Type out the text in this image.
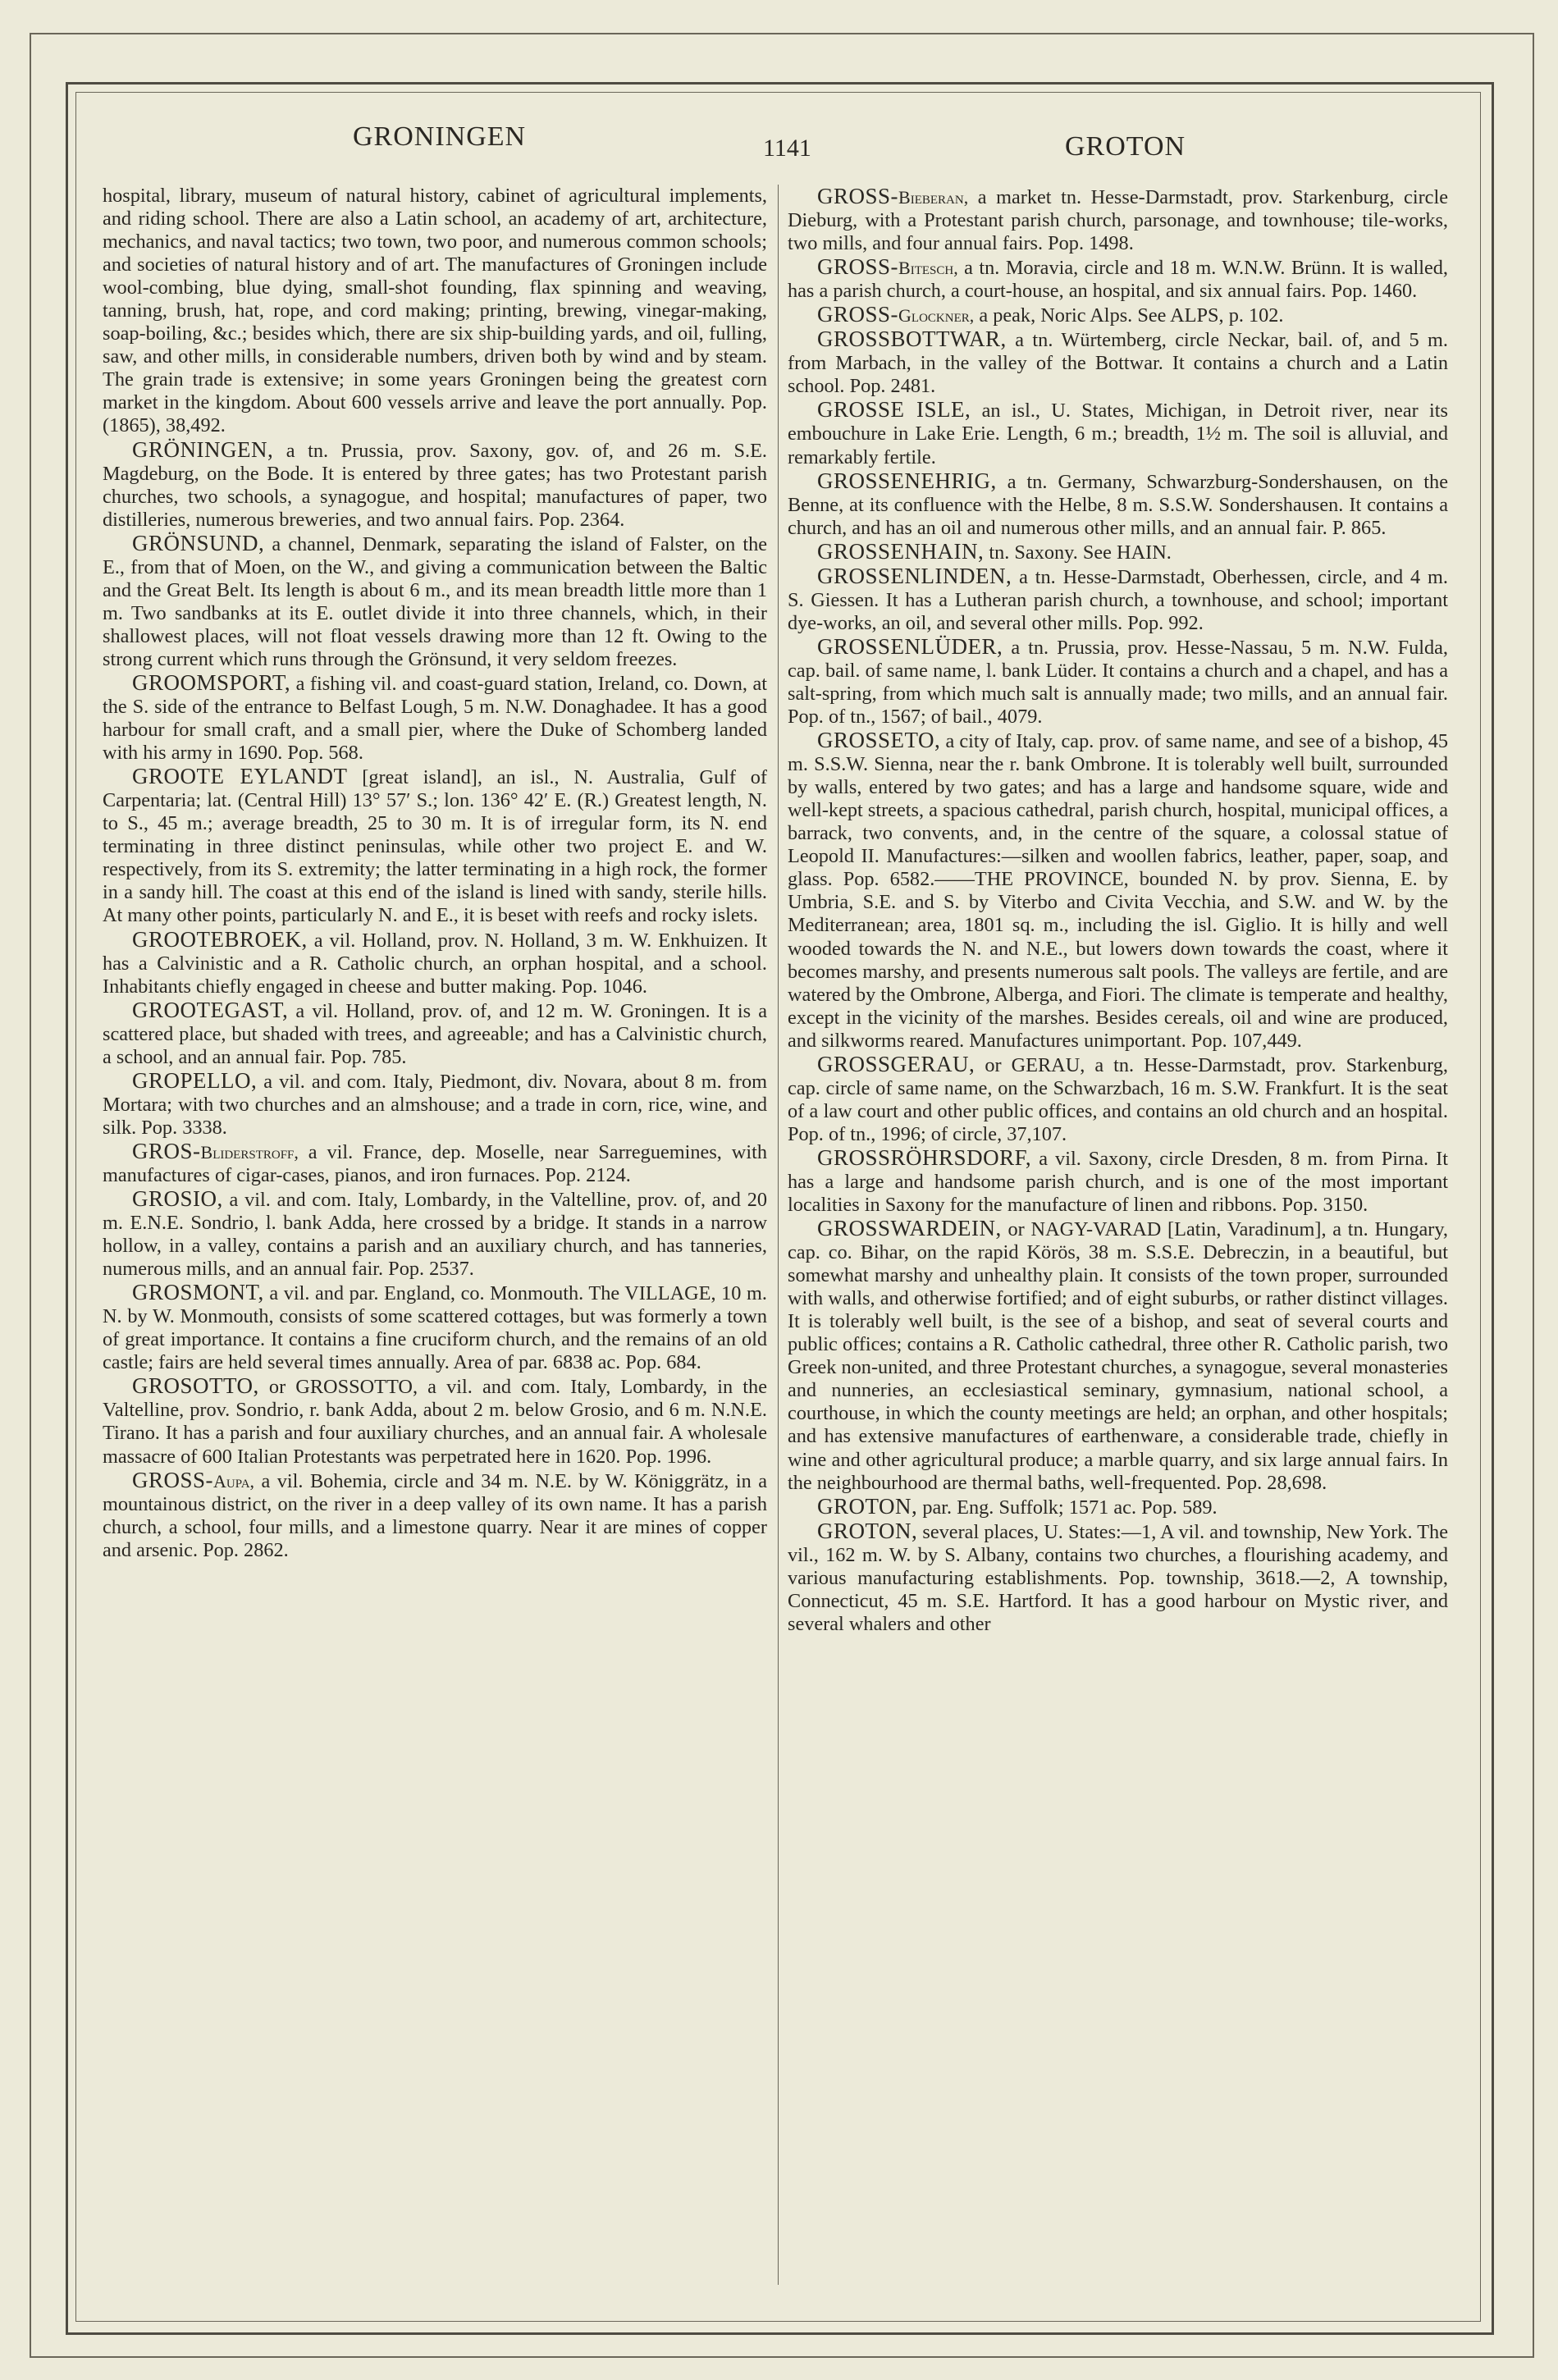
GRONINGEN	1141	GROTON

hospital, library, museum of natural history, cabinet of agricultural implements, and riding school. There are also a Latin school, an academy of art, architecture, mechanics, and naval tactics; two town, two poor, and numerous common schools; and societies of natural history and of art. The manufactures of Groningen include wool-combing, blue dying, small-shot founding, flax spinning and weaving, tanning, brush, hat, rope, and cord making; printing, brewing, vinegar-making, soap-boiling, &c.; besides which, there are six ship-building yards, and oil, fulling, saw, and other mills, in considerable numbers, driven both by wind and by steam. The grain trade is extensive; in some years Groningen being the greatest corn market in the kingdom. About 600 vessels arrive and leave the port annually. Pop. (1865), 38,492.

GRÖNINGEN, a tn. Prussia, prov. Saxony, gov. of, and 26 m. S.E. Magdeburg, on the Bode. It is entered by three gates; has two Protestant parish churches, two schools, a synagogue, and hospital; manufactures of paper, two distilleries, numerous breweries, and two annual fairs. Pop. 2364.

GRÖNSUND, a channel, Denmark, separating the island of Falster, on the E., from that of Moen, on the W., and giving a communication between the Baltic and the Great Belt. Its length is about 6 m., and its mean breadth little more than 1 m. Two sandbanks at its E. outlet divide it into three channels, which, in their shallowest places, will not float vessels drawing more than 12 ft. Owing to the strong current which runs through the Grönsund, it very seldom freezes.

GROOMSPORT, a fishing vil. and coast-guard station, Ireland, co. Down, at the S. side of the entrance to Belfast Lough, 5 m. N.W. Donaghadee. It has a good harbour for small craft, and a small pier, where the Duke of Schomberg landed with his army in 1690. Pop. 568.

GROOTE EYLANDT [great island], an isl., N. Australia, Gulf of Carpentaria; lat. (Central Hill) 13° 57′ S.; lon. 136° 42′ E. (R.) Greatest length, N. to S., 45 m.; average breadth, 25 to 30 m. It is of irregular form, its N. end terminating in three distinct peninsulas, while other two project E. and W. respectively, from its S. extremity; the latter terminating in a high rock, the former in a sandy hill. The coast at this end of the island is lined with sandy, sterile hills. At many other points, particularly N. and E., it is beset with reefs and rocky islets.

GROOTEBROEK, a vil. Holland, prov. N. Holland, 3 m. W. Enkhuizen. It has a Calvinistic and a R. Catholic church, an orphan hospital, and a school. Inhabitants chiefly engaged in cheese and butter making. Pop. 1046.

GROOTEGAST, a vil. Holland, prov. of, and 12 m. W. Groningen. It is a scattered place, but shaded with trees, and agreeable; and has a Calvinistic church, a school, and an annual fair. Pop. 785.

GROPELLO, a vil. and com. Italy, Piedmont, div. Novara, about 8 m. from Mortara; with two churches and an almshouse; and a trade in corn, rice, wine, and silk. Pop. 3338.

GROS-Bliderstroff, a vil. France, dep. Moselle, near Sarreguemines, with manufactures of cigar-cases, pianos, and iron furnaces. Pop. 2124.

GROSIO, a vil. and com. Italy, Lombardy, in the Valtelline, prov. of, and 20 m. E.N.E. Sondrio, l. bank Adda, here crossed by a bridge. It stands in a narrow hollow, in a valley, contains a parish and an auxiliary church, and has tanneries, numerous mills, and an annual fair. Pop. 2537.

GROSMONT, a vil. and par. England, co. Monmouth. The VILLAGE, 10 m. N. by W. Monmouth, consists of some scattered cottages, but was formerly a town of great importance. It contains a fine cruciform church, and the remains of an old castle; fairs are held several times annually. Area of par. 6838 ac. Pop. 684.

GROSOTTO, or GROSSOTTO, a vil. and com. Italy, Lombardy, in the Valtelline, prov. Sondrio, r. bank Adda, about 2 m. below Grosio, and 6 m. N.N.E. Tirano. It has a parish and four auxiliary churches, and an annual fair. A wholesale massacre of 600 Italian Protestants was perpetrated here in 1620. Pop. 1996.

GROSS-Aupa, a vil. Bohemia, circle and 34 m. N.E. by W. Königgrätz, in a mountainous district, on the river in a deep valley of its own name. It has a parish church, a school, four mills, and a limestone quarry. Near it are mines of copper and arsenic. Pop. 2862.

GROSS-Bieberan, a market tn. Hesse-Darmstadt, prov. Starkenburg, circle Dieburg, with a Protestant parish church, parsonage, and townhouse; tile-works, two mills, and four annual fairs. Pop. 1498.

GROSS-Bitesch, a tn. Moravia, circle and 18 m. W.N.W. Brünn. It is walled, has a parish church, a court-house, an hospital, and six annual fairs. Pop. 1460.

GROSS-Glockner, a peak, Noric Alps. See ALPS, p. 102.

GROSSBOTTWAR, a tn. Würtemberg, circle Neckar, bail. of, and 5 m. from Marbach, in the valley of the Bottwar. It contains a church and a Latin school. Pop. 2481.

GROSSE ISLE, an isl., U. States, Michigan, in Detroit river, near its embouchure in Lake Erie. Length, 6 m.; breadth, 1½ m. The soil is alluvial, and remarkably fertile.

GROSSENEHRIG, a tn. Germany, Schwarzburg-Sondershausen, on the Benne, at its confluence with the Helbe, 8 m. S.S.W. Sondershausen. It contains a church, and has an oil and numerous other mills, and an annual fair. P. 865.

GROSSENHAIN, tn. Saxony. See HAIN.

GROSSENLINDEN, a tn. Hesse-Darmstadt, Oberhessen, circle, and 4 m. S. Giessen. It has a Lutheran parish church, a townhouse, and school; important dye-works, an oil, and several other mills. Pop. 992.

GROSSENLÜDER, a tn. Prussia, prov. Hesse-Nassau, 5 m. N.W. Fulda, cap. bail. of same name, l. bank Lüder. It contains a church and a chapel, and has a salt-spring, from which much salt is annually made; two mills, and an annual fair. Pop. of tn., 1567; of bail., 4079.

GROSSETO, a city of Italy, cap. prov. of same name, and see of a bishop, 45 m. S.S.W. Sienna, near the r. bank Ombrone. It is tolerably well built, surrounded by walls, entered by two gates; and has a large and handsome square, wide and well-kept streets, a spacious cathedral, parish church, hospital, municipal offices, a barrack, two convents, and, in the centre of the square, a colossal statue of Leopold II. Manufactures:—silken and woollen fabrics, leather, paper, soap, and glass. Pop. 6582.——THE PROVINCE, bounded N. by prov. Sienna, E. by Umbria, S.E. and S. by Viterbo and Civita Vecchia, and S.W. and W. by the Mediterranean; area, 1801 sq. m., including the isl. Giglio. It is hilly and well wooded towards the N. and N.E., but lowers down towards the coast, where it becomes marshy, and presents numerous salt pools. The valleys are fertile, and are watered by the Ombrone, Alberga, and Fiori. The climate is temperate and healthy, except in the vicinity of the marshes. Besides cereals, oil and wine are produced, and silkworms reared. Manufactures unimportant. Pop. 107,449.

GROSSGERAU, or GERAU, a tn. Hesse-Darmstadt, prov. Starkenburg, cap. circle of same name, on the Schwarzbach, 16 m. S.W. Frankfurt. It is the seat of a law court and other public offices, and contains an old church and an hospital. Pop. of tn., 1996; of circle, 37,107.

GROSSRÖHRSDORF, a vil. Saxony, circle Dresden, 8 m. from Pirna. It has a large and handsome parish church, and is one of the most important localities in Saxony for the manufacture of linen and ribbons. Pop. 3150.

GROSSWARDEIN, or NAGY-VARAD [Latin, Varadinum], a tn. Hungary, cap. co. Bihar, on the rapid Körös, 38 m. S.S.E. Debreczin, in a beautiful, but somewhat marshy and unhealthy plain. It consists of the town proper, surrounded with walls, and otherwise fortified; and of eight suburbs, or rather distinct villages. It is tolerably well built, is the see of a bishop, and seat of several courts and public offices; contains a R. Catholic cathedral, three other R. Catholic parish, two Greek non-united, and three Protestant churches, a synagogue, several monasteries and nunneries, an ecclesiastical seminary, gymnasium, national school, a courthouse, in which the county meetings are held; an orphan, and other hospitals; and has extensive manufactures of earthenware, a considerable trade, chiefly in wine and other agricultural produce; a marble quarry, and six large annual fairs. In the neighbourhood are thermal baths, well-frequented. Pop. 28,698.

GROTON, par. Eng. Suffolk; 1571 ac. Pop. 589.

GROTON, several places, U. States:—1, A vil. and township, New York. The vil., 162 m. W. by S. Albany, contains two churches, a flourishing academy, and various manufacturing establishments. Pop. township, 3618.—2, A township, Connecticut, 45 m. S.E. Hartford. It has a good harbour on Mystic river, and several whalers and other
